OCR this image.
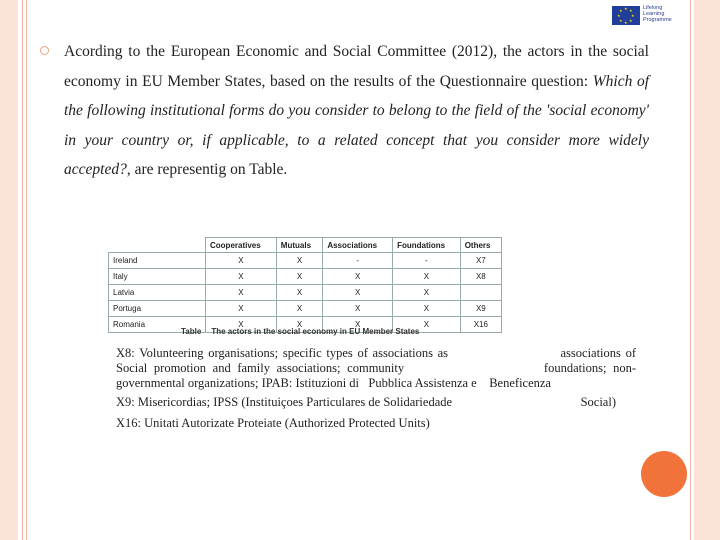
★ ★
★
★
★
★
★
★	Lifelong
Learning
Programme
Acording to the European Economic and Social Committee (2012), the actors in the social economy in EU Member States, based on the results of the Questionnaire question: Which of the following institutional forms do you consider to belong to the field of the 'social economy' in your country or, if applicable, to a related concept that you consider more widely accepted?, are representig on Table.
	Cooperatives	Mutuals	Associations	Foundations	Others
Ireland	X	X	-	-	X7
Italy	X	X	X	X	X8
Latvia	X	X	X	X	
Portuga	X	X	X	X	X9
Romania	X	X	X	X	X16
Table The actors in the social economy in EU Member States

X8: Volunteering organisations; specific types of associations as                        associations of

Social promotion and family associations; community                     foundations; non-

governmental organizations; IPAB: Istituzioni di   Pubblica Assistenza e    Beneficenza

X9: Misericordias; IPSS (Instituiçoes Particulares de Solidariedade	Social)

X16: Unitati Autorizate Proteiate (Authorized Protected Units)
